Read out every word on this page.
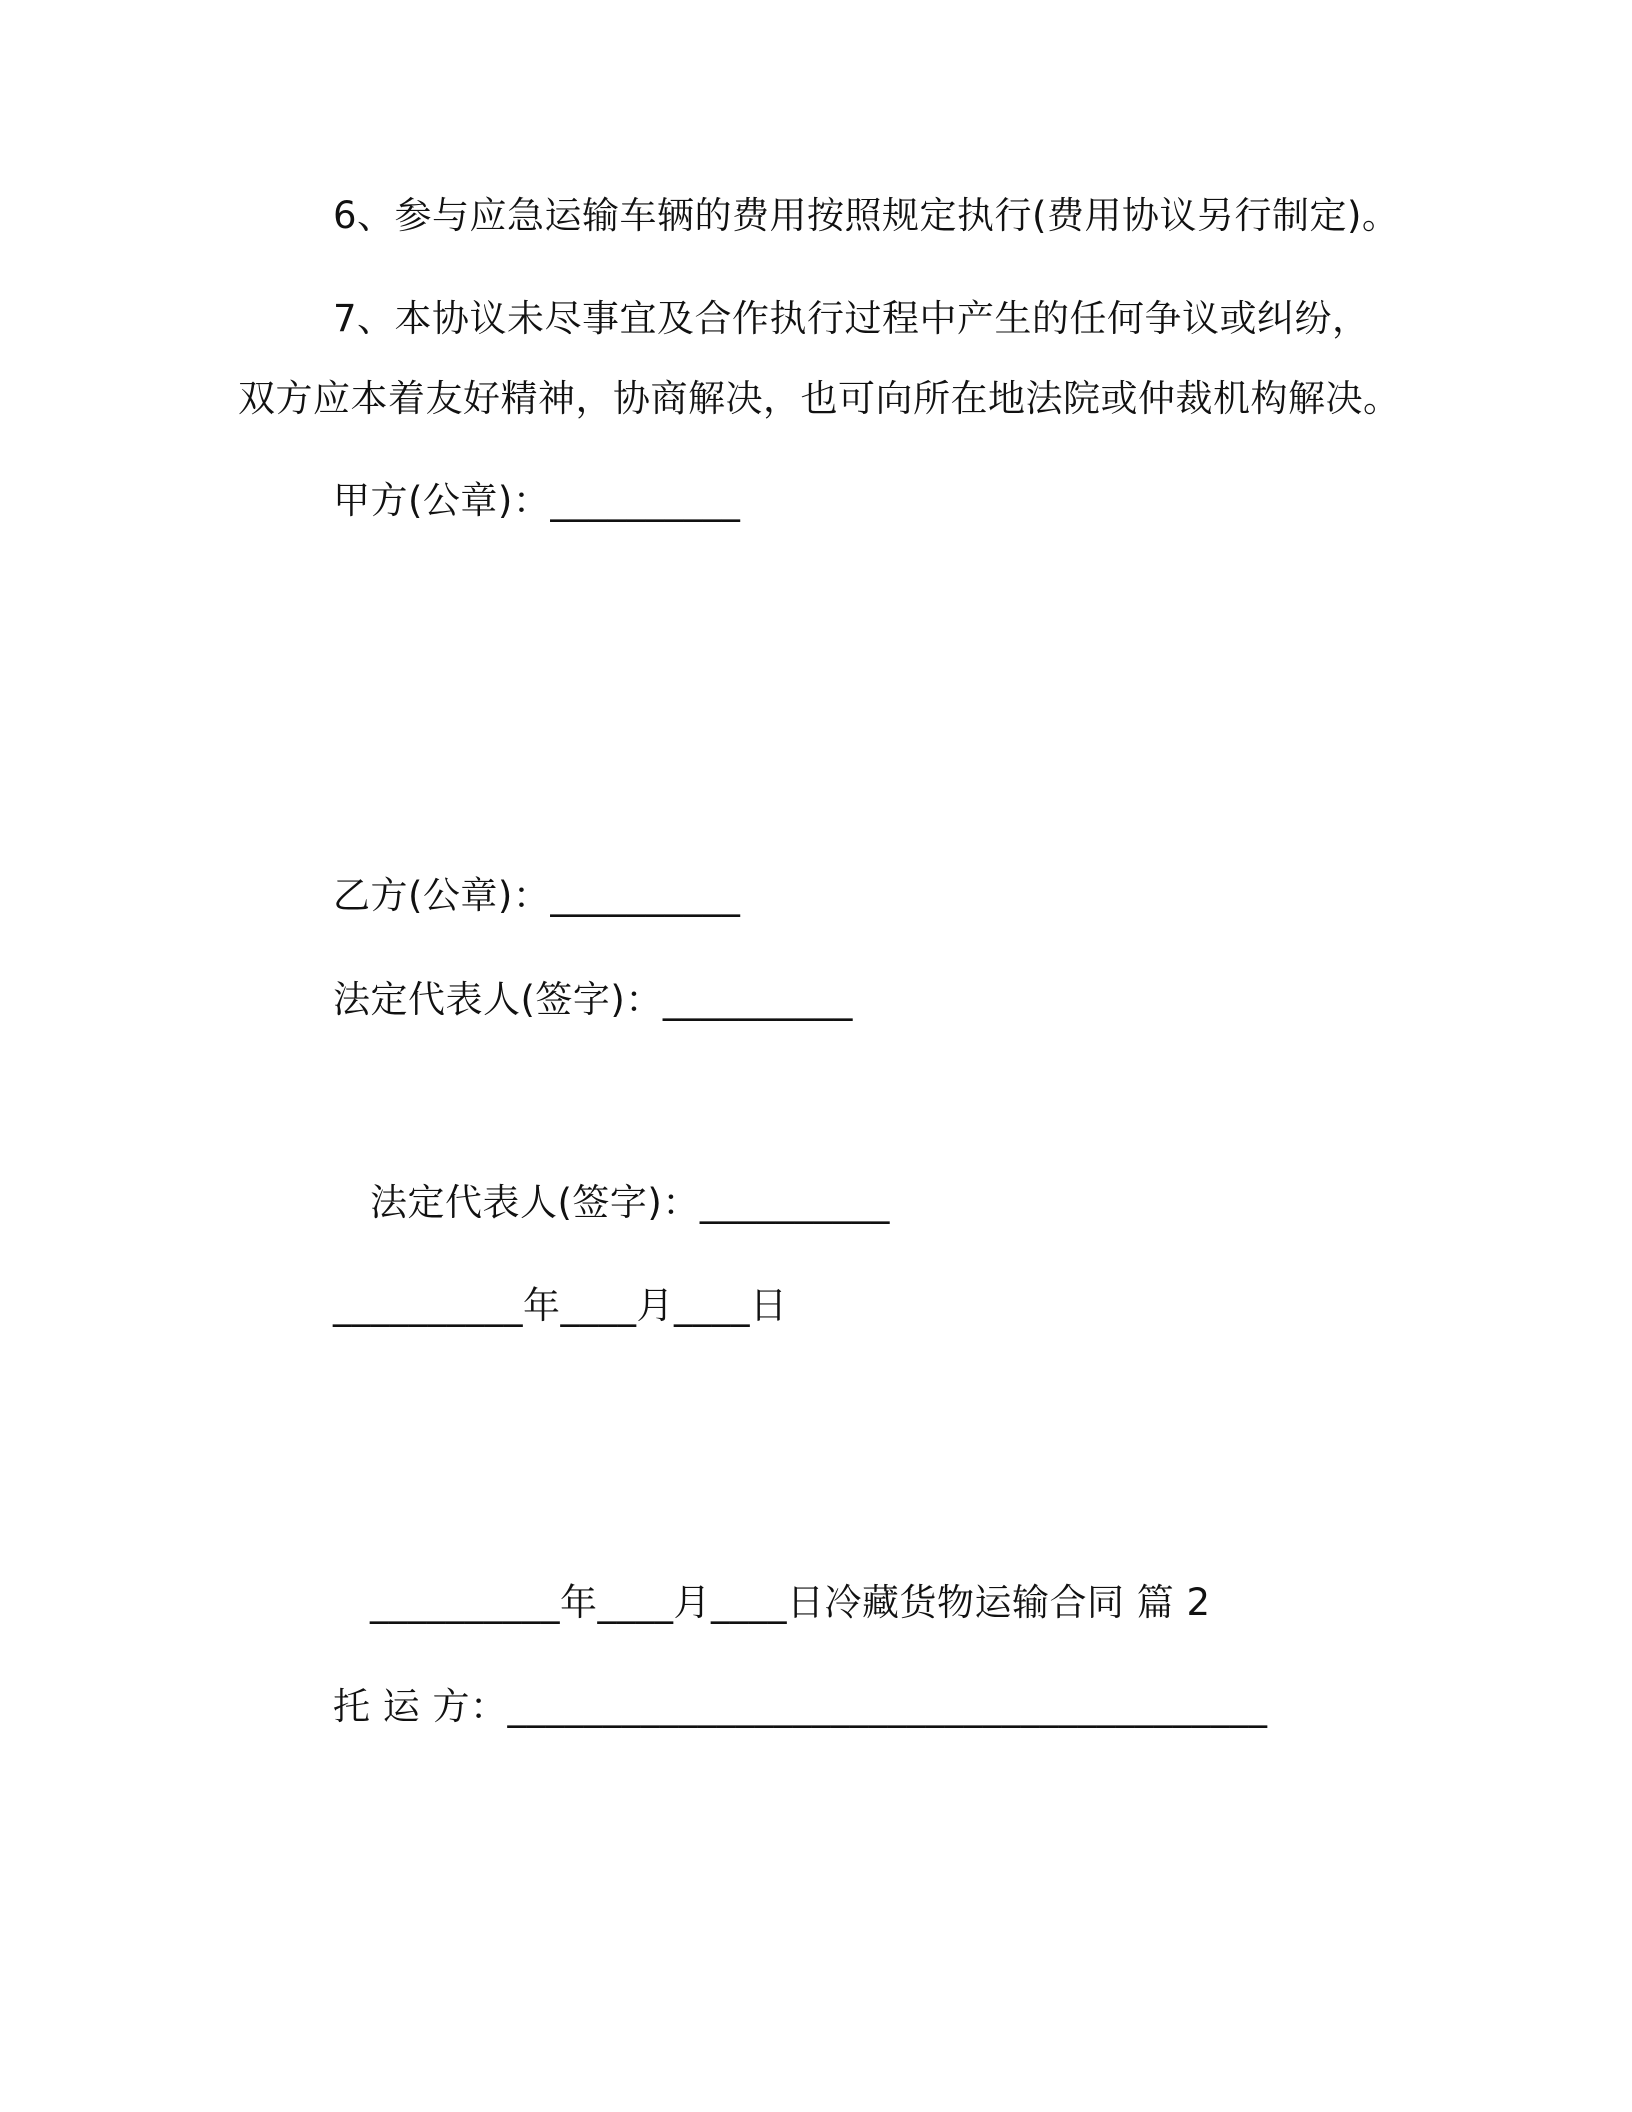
6、参与应急运输车辆的费用按照规定执行(费用协议另行制定)。
7、本协议未尽事宜及合作执行过程中产生的任何争议或纠纷，
双方应本着友好精神，协商解决，也可向所在地法院或仲裁机构解决。
甲方(公章)：__________
乙方(公章)：__________
法定代表人(签字)：__________
法定代表人(签字)：__________
__________年____月____日
__________年____月____日冷藏货物运输合同 篇 2
托 运 方：________________________________________
